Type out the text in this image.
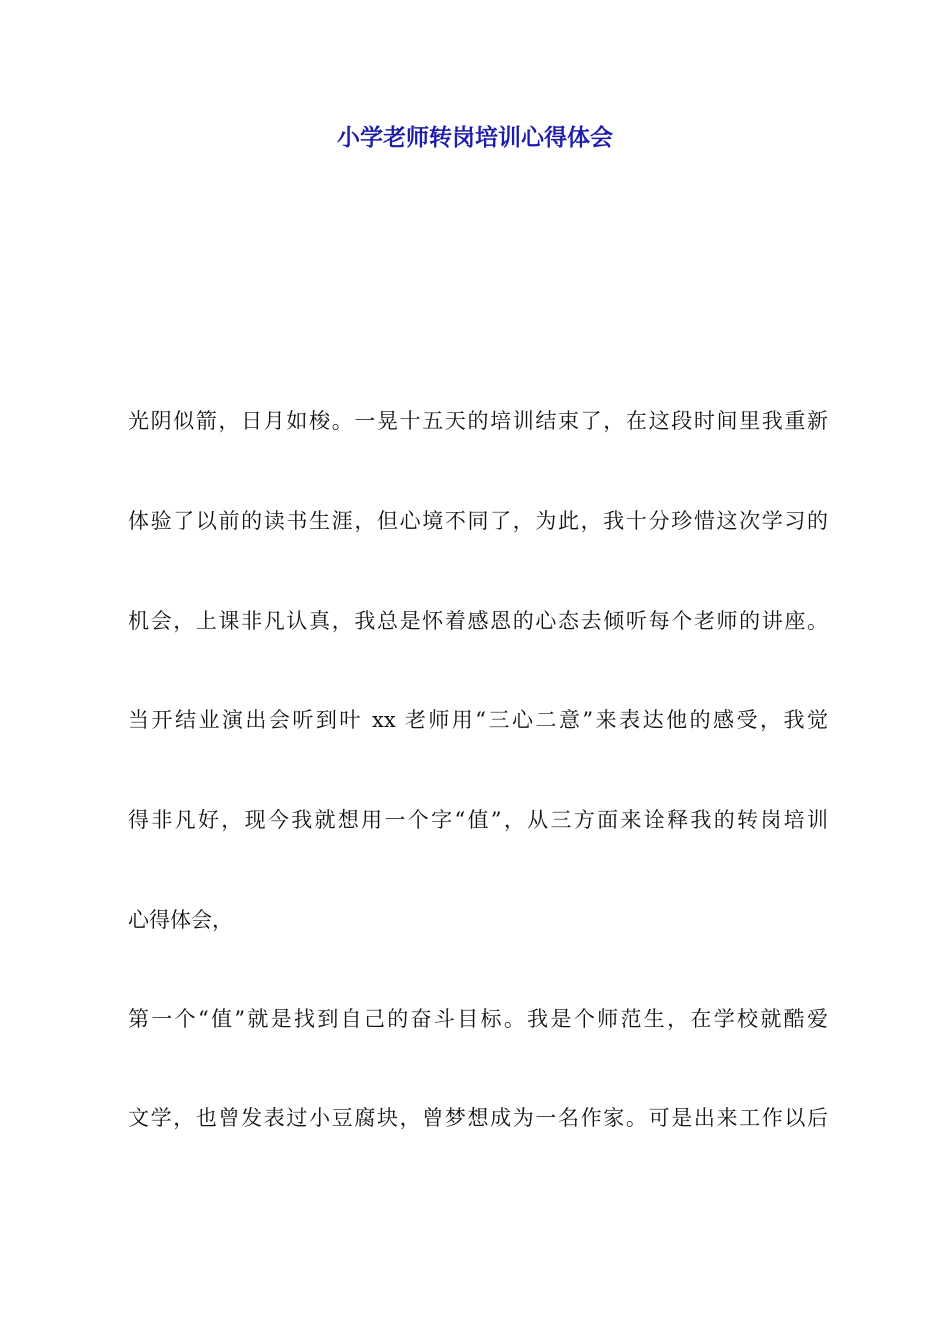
小学老师转岗培训心得体会
光阴似箭，日月如梭。一晃十五天的培训结束了，在这段时间里我重新
体验了以前的读书生涯，但心境不同了，为此，我十分珍惜这次学习的
机会，上课非凡认真，我总是怀着感恩的心态去倾听每个老师的讲座。
当开结业演出会听到叶 xx 老师用“三心二意”来表达他的感受，我觉
得非凡好，现今我就想用一个字“值”，从三方面来诠释我的转岗培训
心得体会，
第一个“值”就是找到自己的奋斗目标。我是个师范生，在学校就酷爱
文学，也曾发表过小豆腐块，曾梦想成为一名作家。可是出来工作以后
